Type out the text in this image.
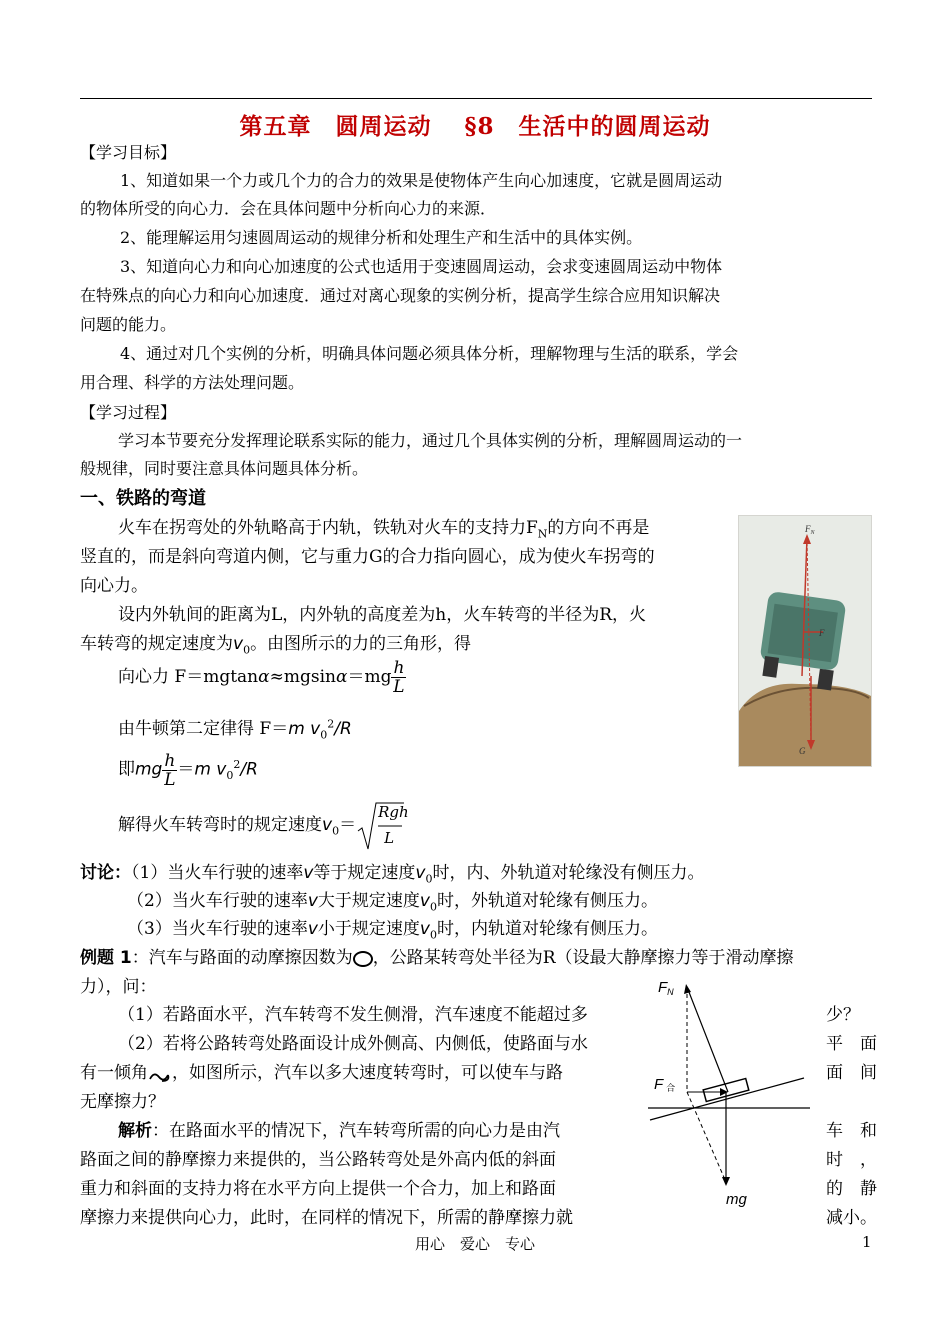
第五章　圆周运动　 §8　生活中的圆周运动
【学习目标】
1、知道如果一个力或几个力的合力的效果是使物体产生向心加速度，它就是圆周运动
的物体所受的向心力．会在具体问题中分析向心力的来源．
2、能理解运用匀速圆周运动的规律分析和处理生产和生活中的具体实例。
3、知道向心力和向心加速度的公式也适用于变速圆周运动，会求变速圆周运动中物体
在特殊点的向心力和向心加速度．通过对离心现象的实例分析，提高学生综合应用知识解决
问题的能力。
4、通过对几个实例的分析，明确具体问题必须具体分析，理解物理与生活的联系，学会
用合理、科学的方法处理问题。
【学习过程】
学习本节要充分发挥理论联系实际的能力，通过几个具体实例的分析，理解圆周运动的一
般规律，同时要注意具体问题具体分析。
一、铁路的弯道
火车在拐弯处的外轨略高于内轨，铁轨对火车的支持力$F_N$的方向不再是
竖直的，而是斜向弯道内侧，它与重力G的合力指向圆心，成为使火车拐弯的
向心力。
设内外轨间的距离为L，内外轨的高度差为h，火车转弯的半径为R，火
车转弯的规定速度为$v_0$。由图所示的力的三角形，得
向心力 $F=mgtan\alpha\approx mgsin\alpha=mg \frac{h}{L}$
由牛顿第二定律得 F＝m $v_0^2/R$
即mg $\frac{h}{L} =m$ $v_0^2/R$
解得火车转弯时的规定速度$v_0=$
Rgh
L
$F_N$
F
G
讨论：（1）当火车行驶的速率v等于规定速度$v_0$时，内、外轨道对轮缘没有侧压力。
（2）当火车行驶的速率v大于规定速度$v_0$时，外轨道对轮缘有侧压力。
（3）当火车行驶的速率v小于规定速度$v_0$时，内轨道对轮缘有侧压力。
例题 1：汽车与路面的动摩擦因数为 ，公路某转弯处半径为R（设最大静摩擦力等于滑动摩擦
力），问：
（1）若路面水平，汽车转弯不发生侧滑，汽车速度不能超过多	少？
（2）若将公路转弯处路面设计成外侧高、内侧低，使路面与水	平　面
有一倾角 ，如图所示，汽车以多大速度转弯时，可以使车与路	面　间
无摩擦力？
解析：在路面水平的情况下，汽车转弯所需的向心力是由汽	车　和
路面之间的静摩擦力来提供的，当公路转弯处是外高内低的斜面	时　，
重力和斜面的支持力将在水平方向上提供一个合力，加上和路面	的　静
摩擦力来提供向心力，此时，在同样的情况下，所需的静摩擦力就	减小。
$F_N$
F合
mg
用心　爱心　专心	1
